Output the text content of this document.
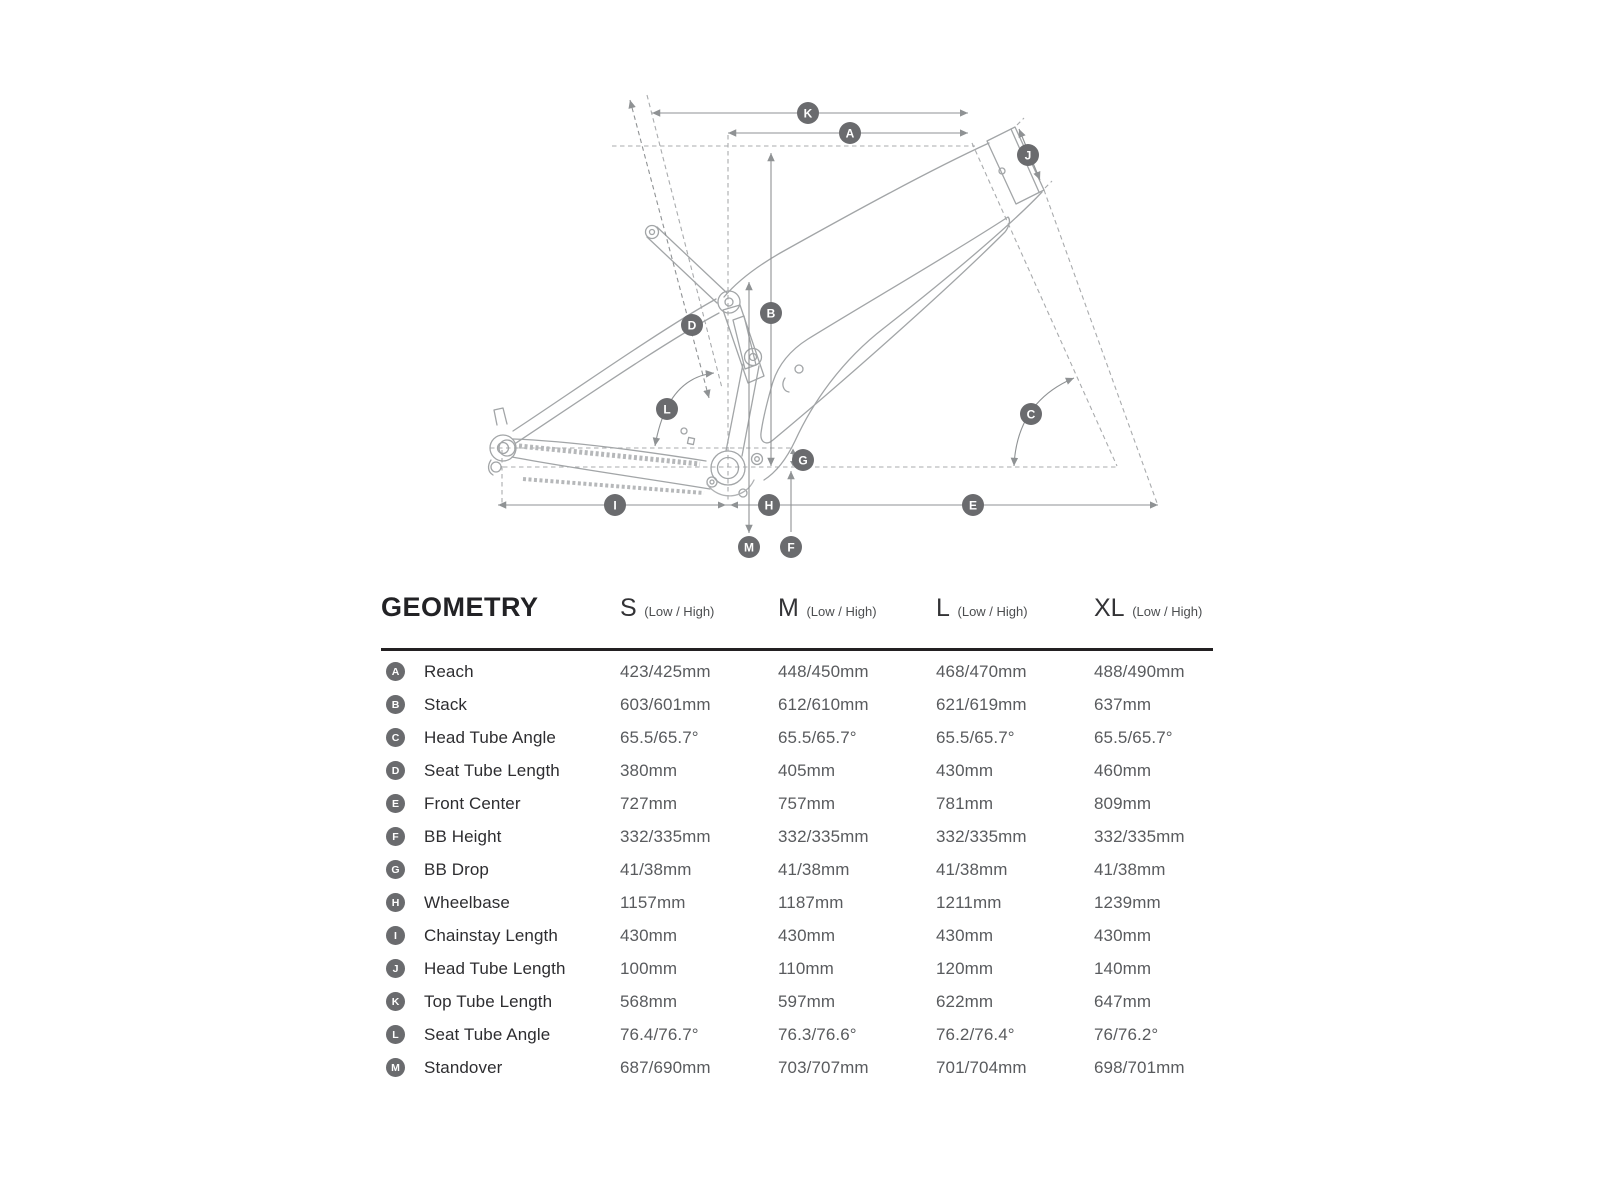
A
B
C
D
E
F
G
H
I
J
K
L
M
GEOMETRY	S (Low / High)	M (Low / High)	L (Low / High)	XL (Low / High)
A	Reach	423/425mm	448/450mm	468/470mm	488/490mm
B	Stack	603/601mm	612/610mm	621/619mm	637mm
C	Head Tube Angle	65.5/65.7°	65.5/65.7°	65.5/65.7°	65.5/65.7°
D	Seat Tube Length	380mm	405mm	430mm	460mm
E	Front Center	727mm	757mm	781mm	809mm
F	BB Height	332/335mm	332/335mm	332/335mm	332/335mm
G	BB Drop	41/38mm	41/38mm	41/38mm	41/38mm
H	Wheelbase	1157mm	1187mm	1211mm	1239mm
I	Chainstay Length	430mm	430mm	430mm	430mm
J	Head Tube Length	100mm	110mm	120mm	140mm
K	Top Tube Length	568mm	597mm	622mm	647mm
L	Seat Tube Angle	76.4/76.7°	76.3/76.6°	76.2/76.4°	76/76.2°
M	Standover	687/690mm	703/707mm	701/704mm	698/701mm
